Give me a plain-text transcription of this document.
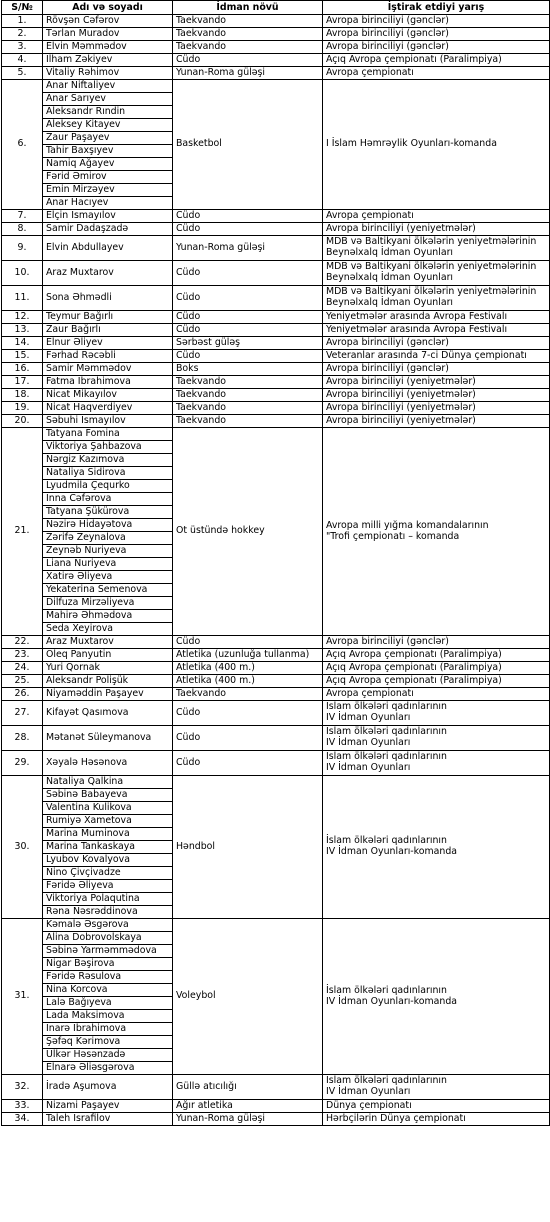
S/№	Adı və soyadı	İdman növü	İştirak etdiyi yarış
1.	Rövşən Cəfərov	Taekvando	Avropa birinciliyi (gənclər)

2.	Tərlan Muradov	Taekvando	Avropa birinciliyi (gənclər)

3.	Elvin Məmmədov	Taekvando	Avropa birinciliyi (gənclər)

4.	İlham Zəkiyev	Cüdo	Açıq Avropa çempionatı (Paralimpiya)

5.	Vitaliy Rəhimov	Yunan-Roma güləşi	Avropa çempionatı

6.	Anar Niftaliyev	Basketbol	I İslam Həmrəylik Oyunları-komanda

	Anar Sarıyev		
	Aleksandr Rındin		
	Aleksey Kitayev		
	Zaur Paşayev		
	Tahir Baxşıyev		
	Namiq Ağayev		
	Fərid Əmirov		
	Emin Mirzəyev		
	Anar Hacıyev		
7.	Elçin İsmayılov	Cüdo	Avropa çempionatı

8.	Samir Dadaşzadə	Cüdo	Avropa birinciliyi (yeniyetmələr)

9.	Elvin Abdullayev	Yunan-Roma güləşi	MDB və Baltikyani ölkələrin yeniyetmələrinin
Beynəlxalq İdman Oyunları

10.	Araz Muxtarov	Cüdo	MDB və Baltikyani ölkələrin yeniyetmələrinin
Beynəlxalq İdman Oyunları

11.	Sona Əhmədli	Cüdo	MDB və Baltikyani ölkələrin yeniyetmələrinin
Beynəlxalq İdman Oyunları

12.	Teymur Bağırlı	Cüdo	Yeniyetmələr arasında Avropa Festivalı

13.	Zaur Bağırlı	Cüdo	Yeniyetmələr arasında Avropa Festivalı

14.	Elnur Əliyev	Sərbəst güləş	Avropa birinciliyi (gənclər)

15.	Fərhad Rəcəbli	Cüdo	Veteranlar arasında 7-ci Dünya çempionatı

16.	Samir Məmmədov	Boks	Avropa birinciliyi (gənclər)

17.	Fatma İbrahimova	Taekvando	Avropa birinciliyi (yeniyetmələr)

18.	Nicat Mikayılov	Taekvando	Avropa birinciliyi (yeniyetmələr)

19.	Nicat Haqverdiyev	Taekvando	Avropa birinciliyi (yeniyetmələr)

20.	Səbuhi İsmayılov	Taekvando	Avropa birinciliyi (yeniyetmələr)

21.	Tatyana Fomina	Ot üstündə hokkey	Avropa milli yığma komandalarının
"Trofi çempionatı – komanda

	Viktoriya Şahbazova		
	Nərgiz Kazımova		
	Nataliya Sidirova		
	Lyudmila Çequrko		
	İnna Cəfərova		
	Tatyana Şükürova		
	Nəzirə Hidayətova		
	Zərifə Zeynalova		
	Zeynəb Nuriyeva		
	Liana Nuriyeva		
	Xatirə Əliyeva		
	Yekaterina Semenova		
	Dilfuza Mirzəliyeva		
	Mahirə Əhmədova		
	Seda Xeyirova		
22.	Araz Muxtarov	Cüdo	Avropa birinciliyi (gənclər)

23.	Oleq Panyutin	Atletika (uzunluğa tullanma)	Açıq Avropa çempionatı (Paralimpiya)

24.	Yuri Qornak	Atletika (400 m.)	Açıq Avropa çempionatı (Paralimpiya)

25.	Aleksandr Polişük	Atletika (400 m.)	Açıq Avropa çempionatı (Paralimpiya)

26.	Niyaməddin Paşayev	Taekvando	Avropa çempionatı

27.	Kifayət Qasımova	Cüdo	İslam ölkələri qadınlarının
IV İdman Oyunları

28.	Mətanət Süleymanova	Cüdo	İslam ölkələri qadınlarının
IV İdman Oyunları

29.	Xəyalə Həsənova	Cüdo	İslam ölkələri qadınlarının
IV İdman Oyunları

30.	Nataliya Qalkina	Həndbol	İslam ölkələri qadınlarının
IV İdman Oyunları-komanda

	Səbinə Babayeva		
	Valentina Kulikova		
	Rumiyə Xametova		
	Marina Muminova		
	Marina Tankaskaya		
	Lyubov Kovalyova		
	Nino Çivçivadze		
	Fəridə Əliyeva		
	Viktoriya Polaqutina		
	Rəna Nəsrəddinova		
31.	Kəmalə Əsgərova	Voleybol	İslam ölkələri qadınlarının
IV İdman Oyunları-komanda

	Alina Dobrovolskaya		
	Səbinə Yarməmmədova		
	Nigar Bəşirova		
	Fəridə Rəsulova		
	Nina Korcova		
	Lalə Bağıyeva		
	Lada Maksimova		
	İnarə İbrahimova		
	Şəfəq Kərimova		
	Ülkər Həsənzadə		
	Elnarə Əliəsgərova		
32.	İradə Aşumova	Güllə atıcılığı	İslam ölkələri qadınlarının
IV İdman Oyunları

33.	Nizami Paşayev	Ağır atletika	Dünya çempionatı

34.	Taleh İsrafilov	Yunan-Roma güləşi	Hərbçilərin Dünya çempionatı
